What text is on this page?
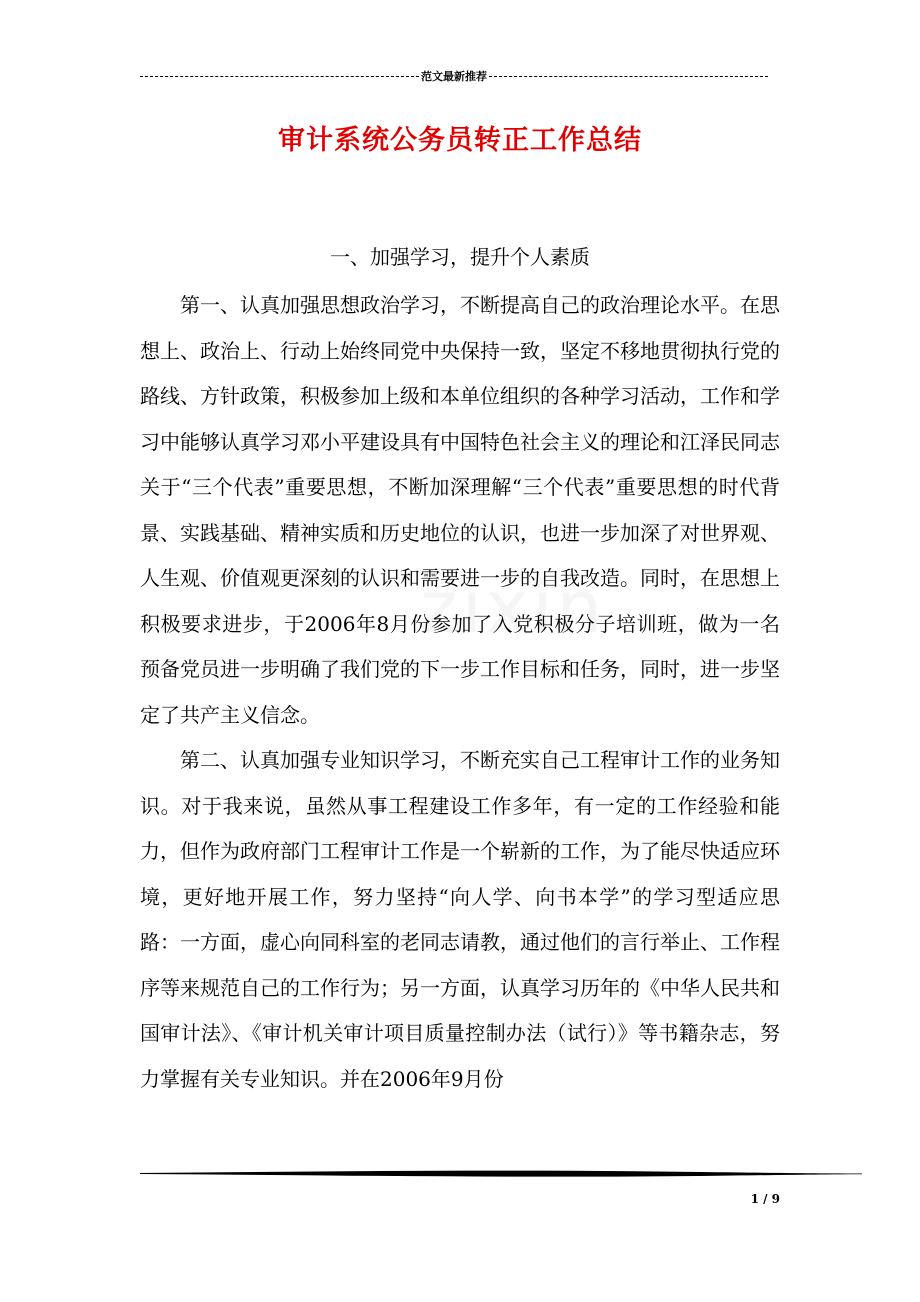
范文最新推荐
zixin
审计系统公务员转正工作总结
一、加强学习，提升个人素质

第一、认真加强思想政治学习，不断提高自己的政治理论水平。在思想上、政治上、行动上始终同党中央保持一致，坚定不移地贯彻执行党的路线、方针政策，积极参加上级和本单位组织的各种学习活动，工作和学习中能够认真学习邓小平建设具有中国特色社会主义的理论和江泽民同志关于“三个代表”重要思想，不断加深理解“三个代表”重要思想的时代背景、实践基础、精神实质和历史地位的认识，也进一步加深了对世界观、人生观、价值观更深刻的认识和需要进一步的自我改造。同时，在思想上积极要求进步，于2006年8月份参加了入党积极分子培训班，做为一名预备党员进一步明确了我们党的下一步工作目标和任务，同时，进一步坚定了共产主义信念。

第二、认真加强专业知识学习，不断充实自己工程审计工作的业务知识。对于我来说，虽然从事工程建设工作多年，有一定的工作经验和能力，但作为政府部门工程审计工作是一个崭新的工作，为了能尽快适应环境，更好地开展工作，努力坚持“向人学、向书本学”的学习型适应思路：一方面，虚心向同科室的老同志请教，通过他们的言行举止、工作程序等来规范自己的工作行为；另一方面，认真学习历年的《中华人民共和国审计法》、《审计机关审计项目质量控制办法（试行）》等书籍杂志，努力掌握有关专业知识。并在2006年9月份

1 / 9
